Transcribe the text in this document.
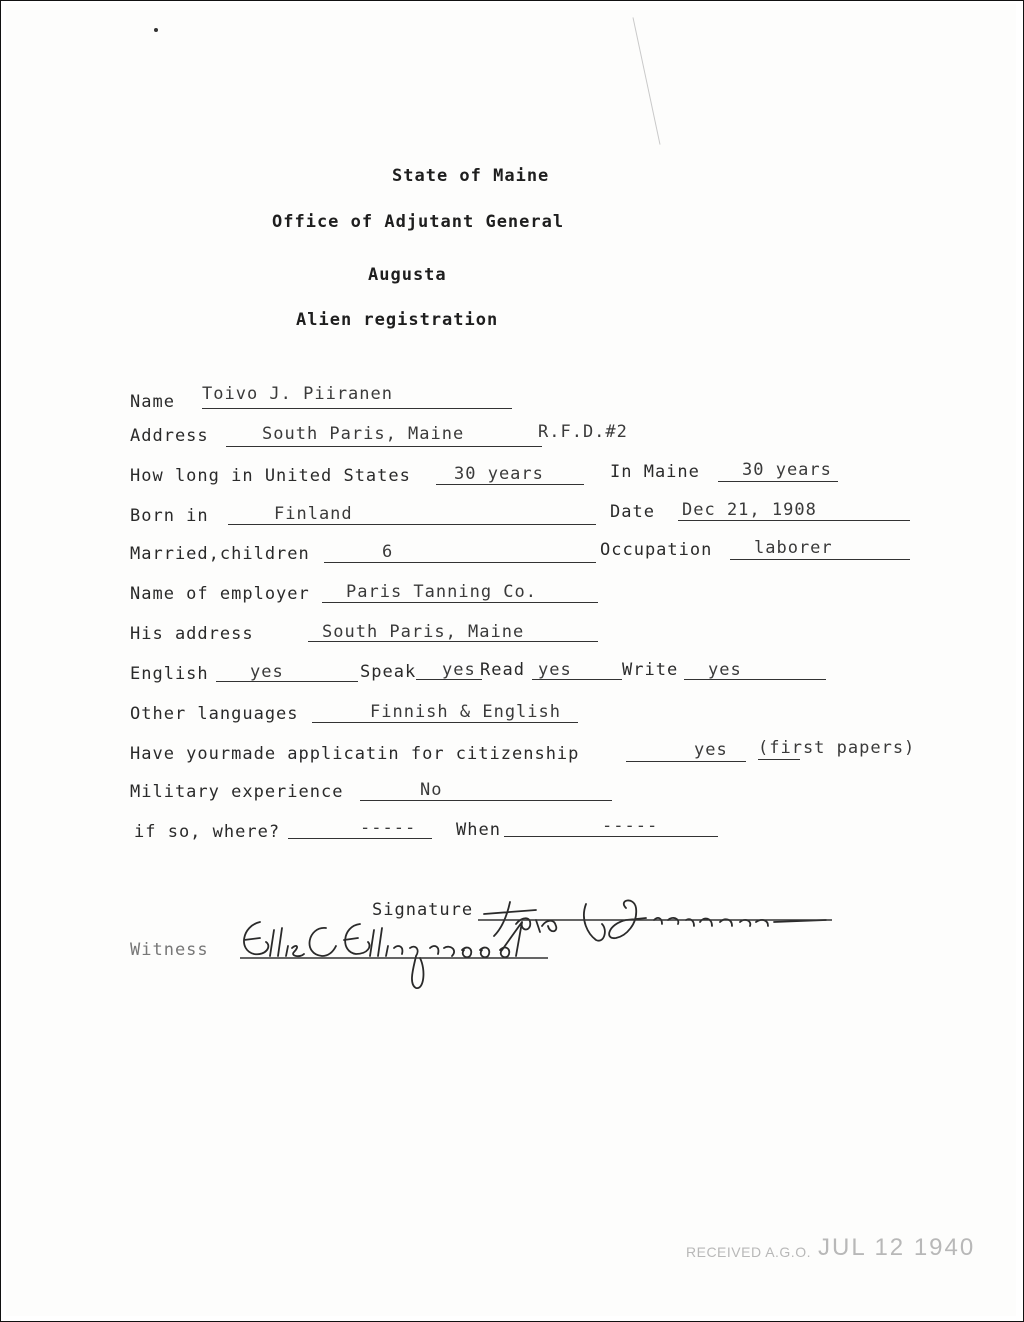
State of Maine
Office of Adjutant General
Augusta
Alien registration
Name Toivo J. Piiranen
Address	South Paris, Maine	R.F.D.#2
How long in United States	30 years	In Maine 30 years
Born in	Finland	Date Dec 21, 1908
Married,children	6	Occupation laborer
Name of employer Paris Tanning Co.
His address	South Paris, Maine
English yes	Speak yes Read yes	Write yes
Other languages	Finnish & English
Have yourmade applicatin for citizenship	yes (first papers)
Military experience	No
if so, where?	----- When	-----
Signature
Witness
RECEIVED A.G.O. JUL 12 1940
